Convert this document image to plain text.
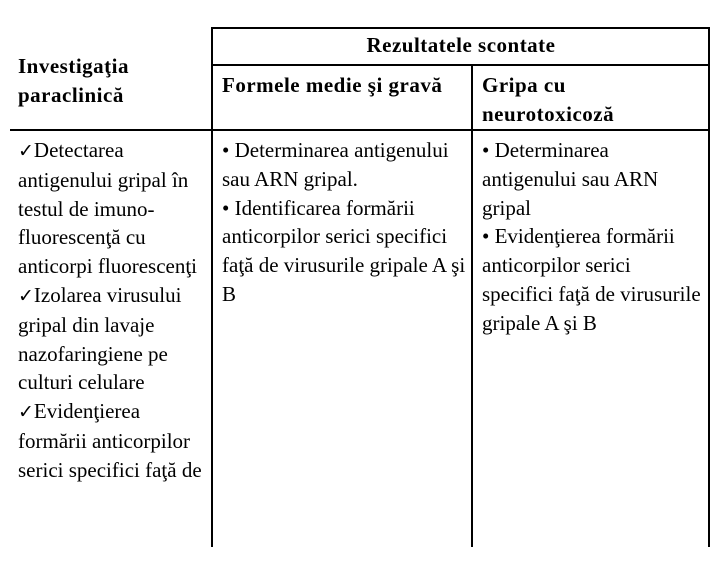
Investigaţia paraclinică
Rezultatele scontate
Formele medie şi gravă	Gripa cu neurotoxicoză
✓Detectarea antigenului gripal în testul de imuno-fluorescenţă cu anticorpi fluorescenţi
✓Izolarea virusului gripal din lavaje nazofaringiene pe culturi celulare
✓Evidenţierea formării anticorpilor serici specifici faţă de
• Determinarea antigenului sau ARN gripal.
• Identificarea formării anticorpilor serici specifici faţă de virusurile gripale A şi B
• Determinarea antigenului sau ARN gripal
• Evidenţierea formării anticorpilor serici specifici faţă de virusurile gripale A şi B
